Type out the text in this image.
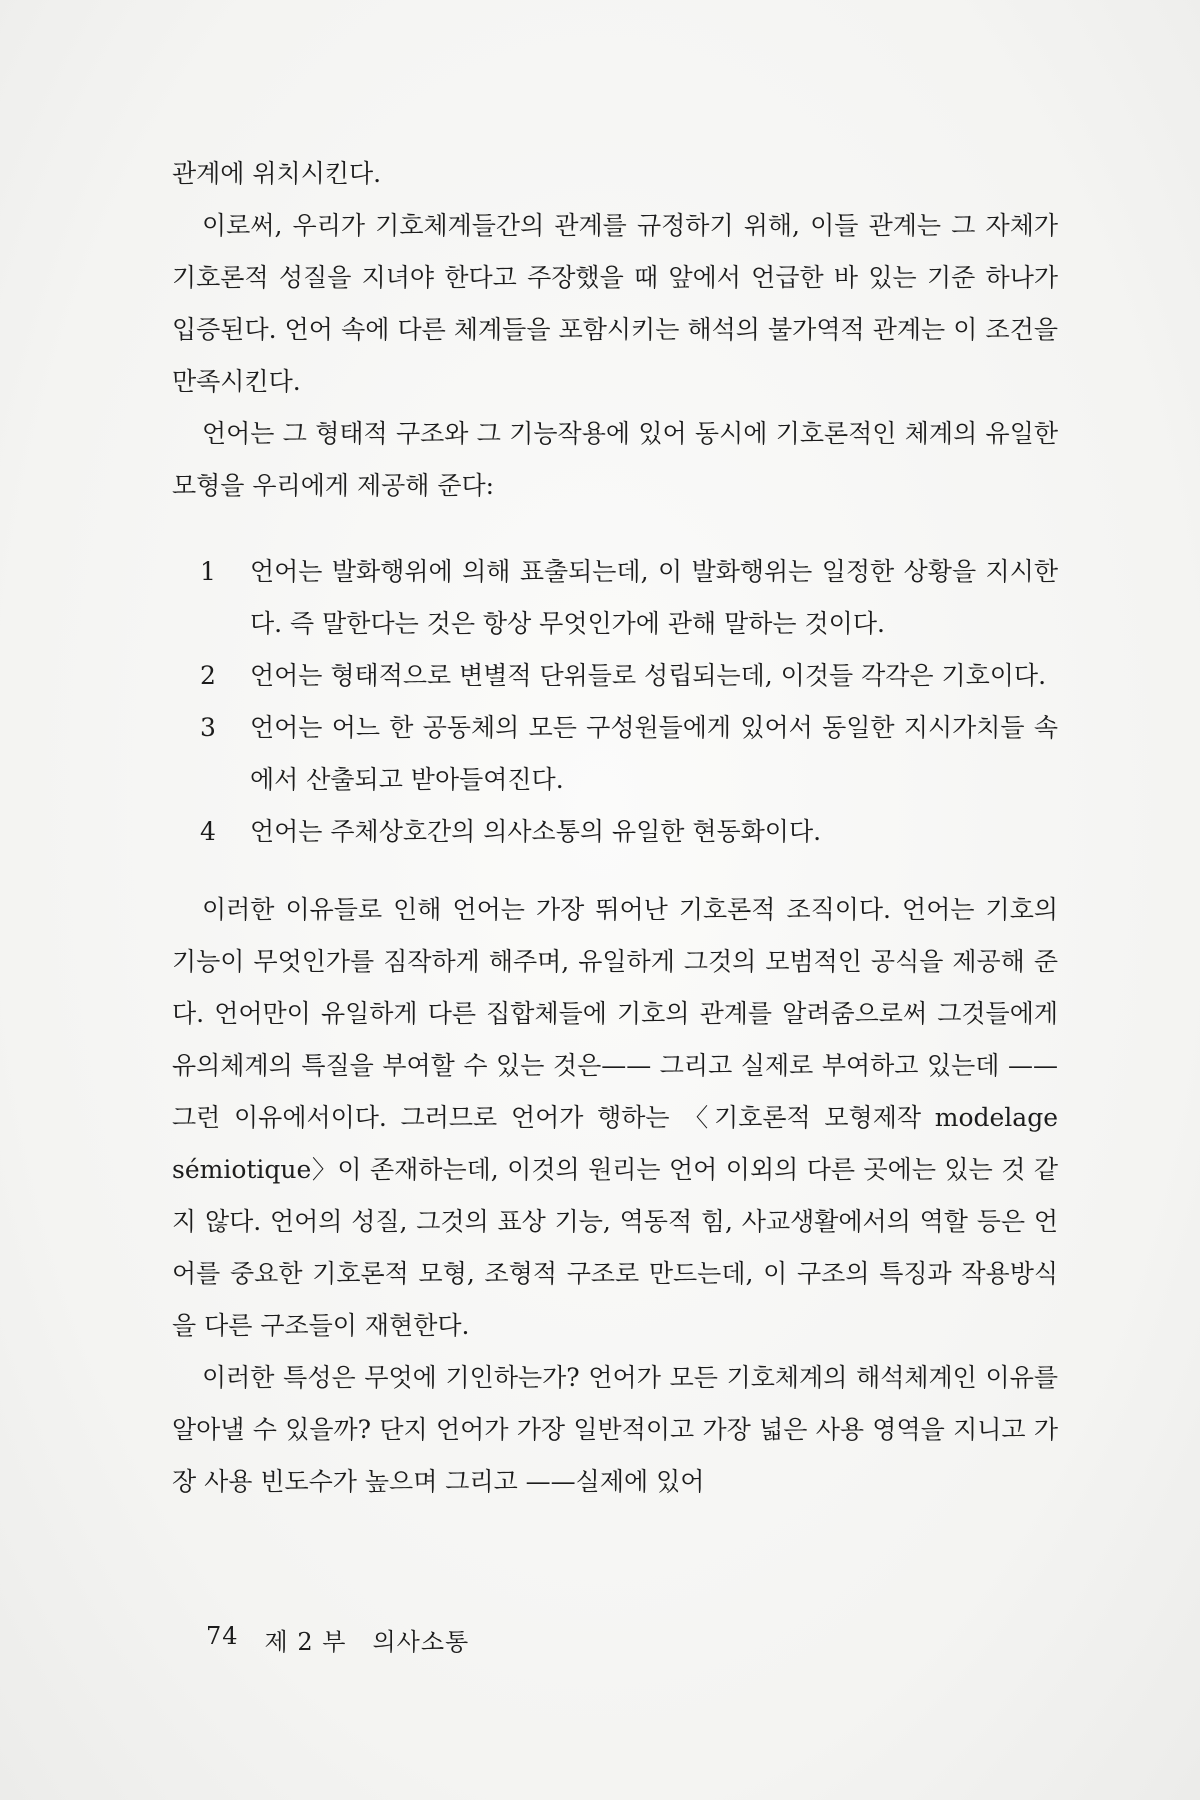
관계에 위치시킨다.

이로써, 우리가 기호체계들간의 관계를 규정하기 위해, 이들 관계는 그 자체가 기호론적 성질을 지녀야 한다고 주장했을 때 앞에서 언급한 바 있는 기준 하나가 입증된다. 언어 속에 다른 체계들을 포함시키는 해석의 불가역적 관계는 이 조건을 만족시킨다.

언어는 그 형태적 구조와 그 기능작용에 있어 동시에 기호론적인 체계의 유일한 모형을 우리에게 제공해 준다:

1 언어는 발화행위에 의해 표출되는데, 이 발화행위는 일정한 상황을 지시한다. 즉 말한다는 것은 항상 무엇인가에 관해 말하는 것이다.
2 언어는 형태적으로 변별적 단위들로 성립되는데, 이것들 각각은 기호이다.
3 언어는 어느 한 공동체의 모든 구성원들에게 있어서 동일한 지시가치들 속에서 산출되고 받아들여진다.
4 언어는 주체상호간의 의사소통의 유일한 현동화이다.

이러한 이유들로 인해 언어는 가장 뛰어난 기호론적 조직이다. 언어는 기호의 기능이 무엇인가를 짐작하게 해주며, 유일하게 그것의 모범적인 공식을 제공해 준다. 언어만이 유일하게 다른 집합체들에 기호의 관계를 알려줌으로써 그것들에게 유의체계의 특질을 부여할 수 있는 것은—— 그리고 실제로 부여하고 있는데 ——그런 이유에서이다. 그러므로 언어가 행하는 〈기호론적 모형제작 modelage sémiotique〉이 존재하는데, 이것의 원리는 언어 이외의 다른 곳에는 있는 것 같지 않다. 언어의 성질, 그것의 표상 기능, 역동적 힘, 사교생활에서의 역할 등은 언어를 중요한 기호론적 모형, 조형적 구조로 만드는데, 이 구조의 특징과 작용방식을 다른 구조들이 재현한다.

이러한 특성은 무엇에 기인하는가? 언어가 모든 기호체계의 해석체계인 이유를 알아낼 수 있을까? 단지 언어가 가장 일반적이고 가장 넓은 사용 영역을 지니고 가장 사용 빈도수가 높으며 그리고 ——실제에 있어

74 제 2 부 의사소통
